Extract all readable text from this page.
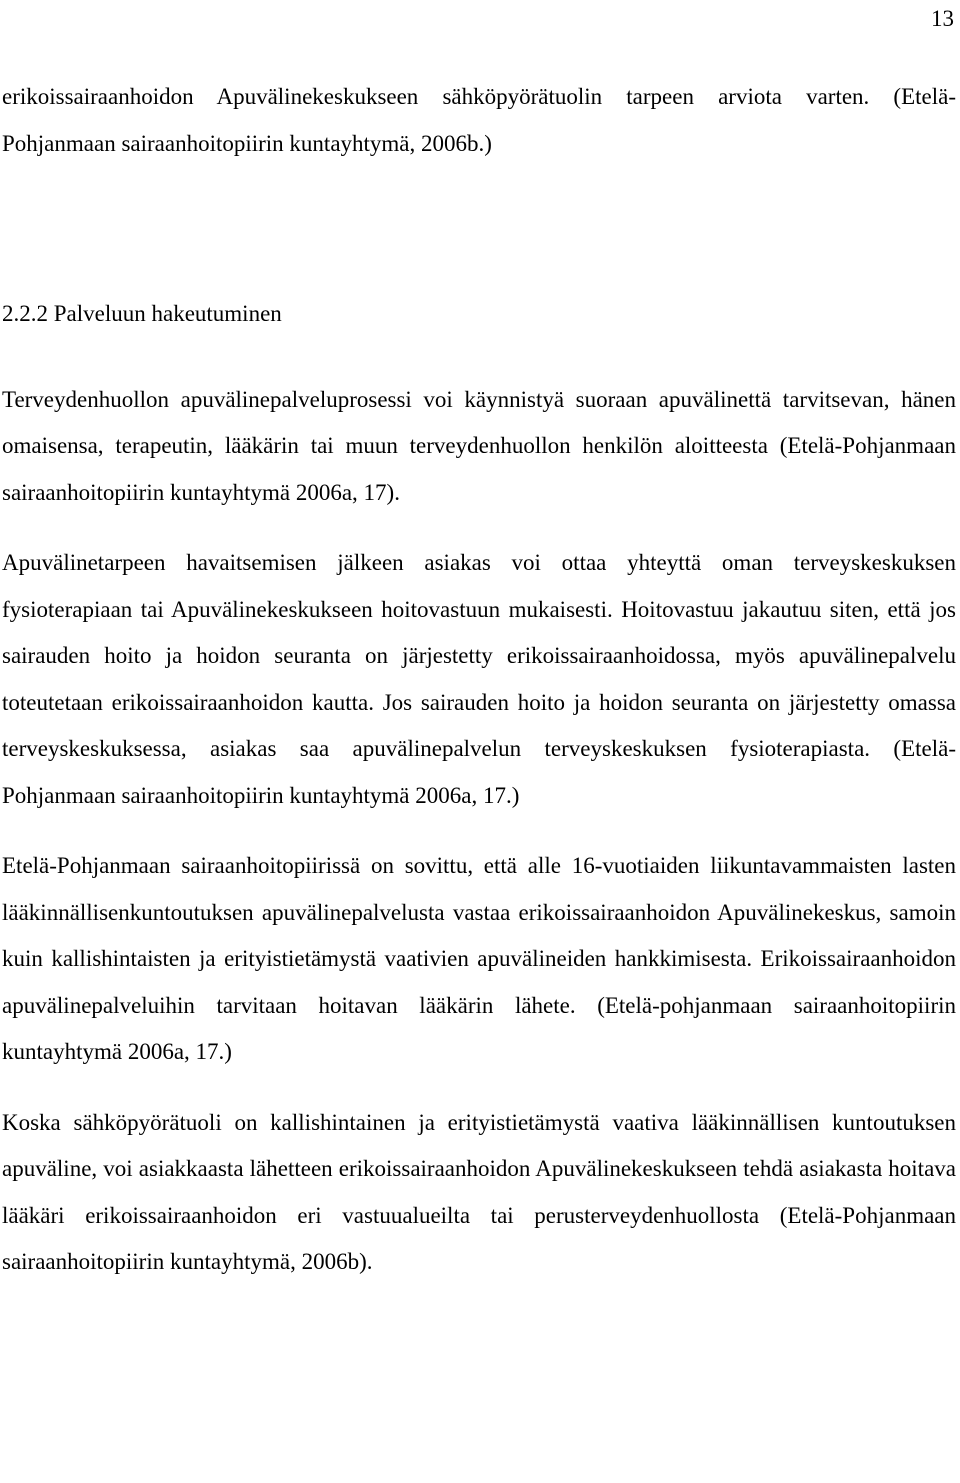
13

erikoissairaanhoidon Apuvälinekeskukseen sähköpyörätuolin tarpeen arviota varten. (Etelä-Pohjanmaan sairaanhoitopiirin kuntayhtymä, 2006b.)

2.2.2 Palveluun hakeutuminen

Terveydenhuollon apuvälinepalveluprosessi voi käynnistyä suoraan apuvälinettä tarvitsevan, hänen omaisensa, terapeutin, lääkärin tai muun terveydenhuollon henkilön aloitteesta (Etelä-Pohjanmaan sairaanhoitopiirin kuntayhtymä 2006a, 17).

Apuvälinetarpeen havaitsemisen jälkeen asiakas voi ottaa yhteyttä oman terveyskeskuksen fysioterapiaan tai Apuvälinekeskukseen hoitovastuun mukaisesti. Hoitovastuu jakautuu siten, että jos sairauden hoito ja hoidon seuranta on järjestetty erikoissairaanhoidossa, myös apuvälinepalvelu toteutetaan erikoissairaanhoidon kautta. Jos sairauden hoito ja hoidon seuranta on järjestetty omassa terveyskeskuksessa, asiakas saa apuvälinepalvelun terveyskeskuksen fysioterapiasta. (Etelä-Pohjanmaan sairaanhoitopiirin kuntayhtymä 2006a, 17.)

Etelä-Pohjanmaan sairaanhoitopiirissä on sovittu, että alle 16-vuotiaiden liikuntavammaisten lasten lääkinnällisenkuntoutuksen apuvälinepalvelusta vastaa erikoissairaanhoidon Apuvälinekeskus, samoin kuin kallishintaisten ja erityistietämystä vaativien apuvälineiden hankkimisesta. Erikoissairaanhoidon apuvälinepalveluihin tarvitaan hoitavan lääkärin lähete. (Etelä-pohjanmaan sairaanhoitopiirin kuntayhtymä 2006a, 17.)

Koska sähköpyörätuoli on kallishintainen ja erityistietämystä vaativa lääkinnällisen kuntoutuksen apuväline, voi asiakkaasta lähetteen erikoissairaanhoidon Apuvälinekeskukseen tehdä asiakasta hoitava lääkäri erikoissairaanhoidon eri vastuualueilta tai perusterveydenhuollosta (Etelä-Pohjanmaan sairaanhoitopiirin kuntayhtymä, 2006b).
